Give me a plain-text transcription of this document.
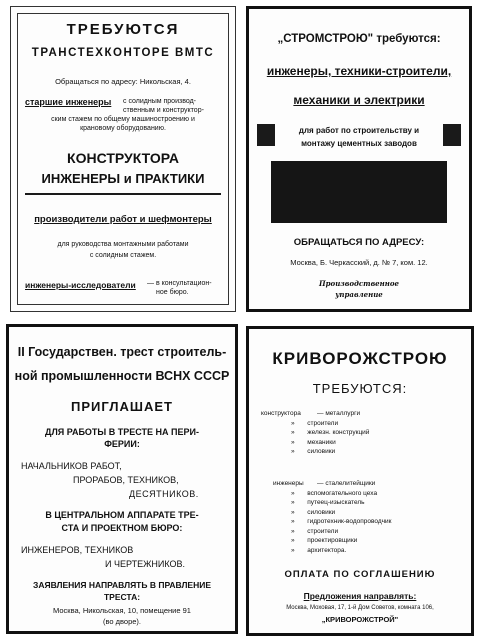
ТРЕБУЮТСЯ
ТРАНСТЕХКОНТОРЕ ВМТС
Обращаться по адресу: Никольская, 4.
старшие инженеры с солидным производ-
ственным и конструктор-
ским стажем по общему машиностроению и
крановому оборудованию.
КОНСТРУКТОРА
ИНЖЕНЕРЫ и ПРАКТИКИ
производители работ и шефмонтеры
для руководства монтажными работами
с солидным стажем.
инженеры-исследователи — в консультацион-
ное бюро.
„СТРОМСТРОЮ" требуются:
инженеры, техники-строители,
механики и электрики
для работ по строительству и
монтажу цементных заводов
ОБРАЩАТЬСЯ ПО АДРЕСУ:
Москва, Б. Черкасский, д. № 7, ком. 12.
Производственное
управление
II Государствен. трест строитель-
ной промышленности ВСНХ СССР
ПРИГЛАШАЕТ
ДЛЯ РАБОТЫ В ТРЕСТЕ НА ПЕРИ-
ФЕРИИ:
НАЧАЛЬНИКОВ РАБОТ,
ПРОРАБОВ, ТЕХНИКОВ,
ДЕСЯТНИКОВ.
В ЦЕНТРАЛЬНОМ АППАРАТЕ ТРЕ-
СТА И ПРОЕКТНОМ БЮРО:
ИНЖЕНЕРОВ, ТЕХНИКОВ
И ЧЕРТЕЖНИКОВ.
ЗАЯВЛЕНИЯ НАПРАВЛЯТЬ В ПРАВЛЕНИЕ
ТРЕСТА:
Москва, Никольская, 10, помещение 91
(во дворе).
КРИВОРОЖСТРОЮ
ТРЕБУЮТСЯ:
конструктора — металлурги
»       строители
»       железн. конструкций
»       механики
»       силовики
инженеры — сталелитейщики
»       вспомогательного цеха
»       путеец-изыскатель
»       силовики
»       гидротехник-водопроводчик
»       строители
»       проектировщики
»       архитектора.
ОПЛАТА ПО СОГЛАШЕНИЮ
Предложения направлять:
Москва, Моховая, 17, 1-й Дом Советов, комната 106,
„КРИВОРОЖСТРОЙ"
